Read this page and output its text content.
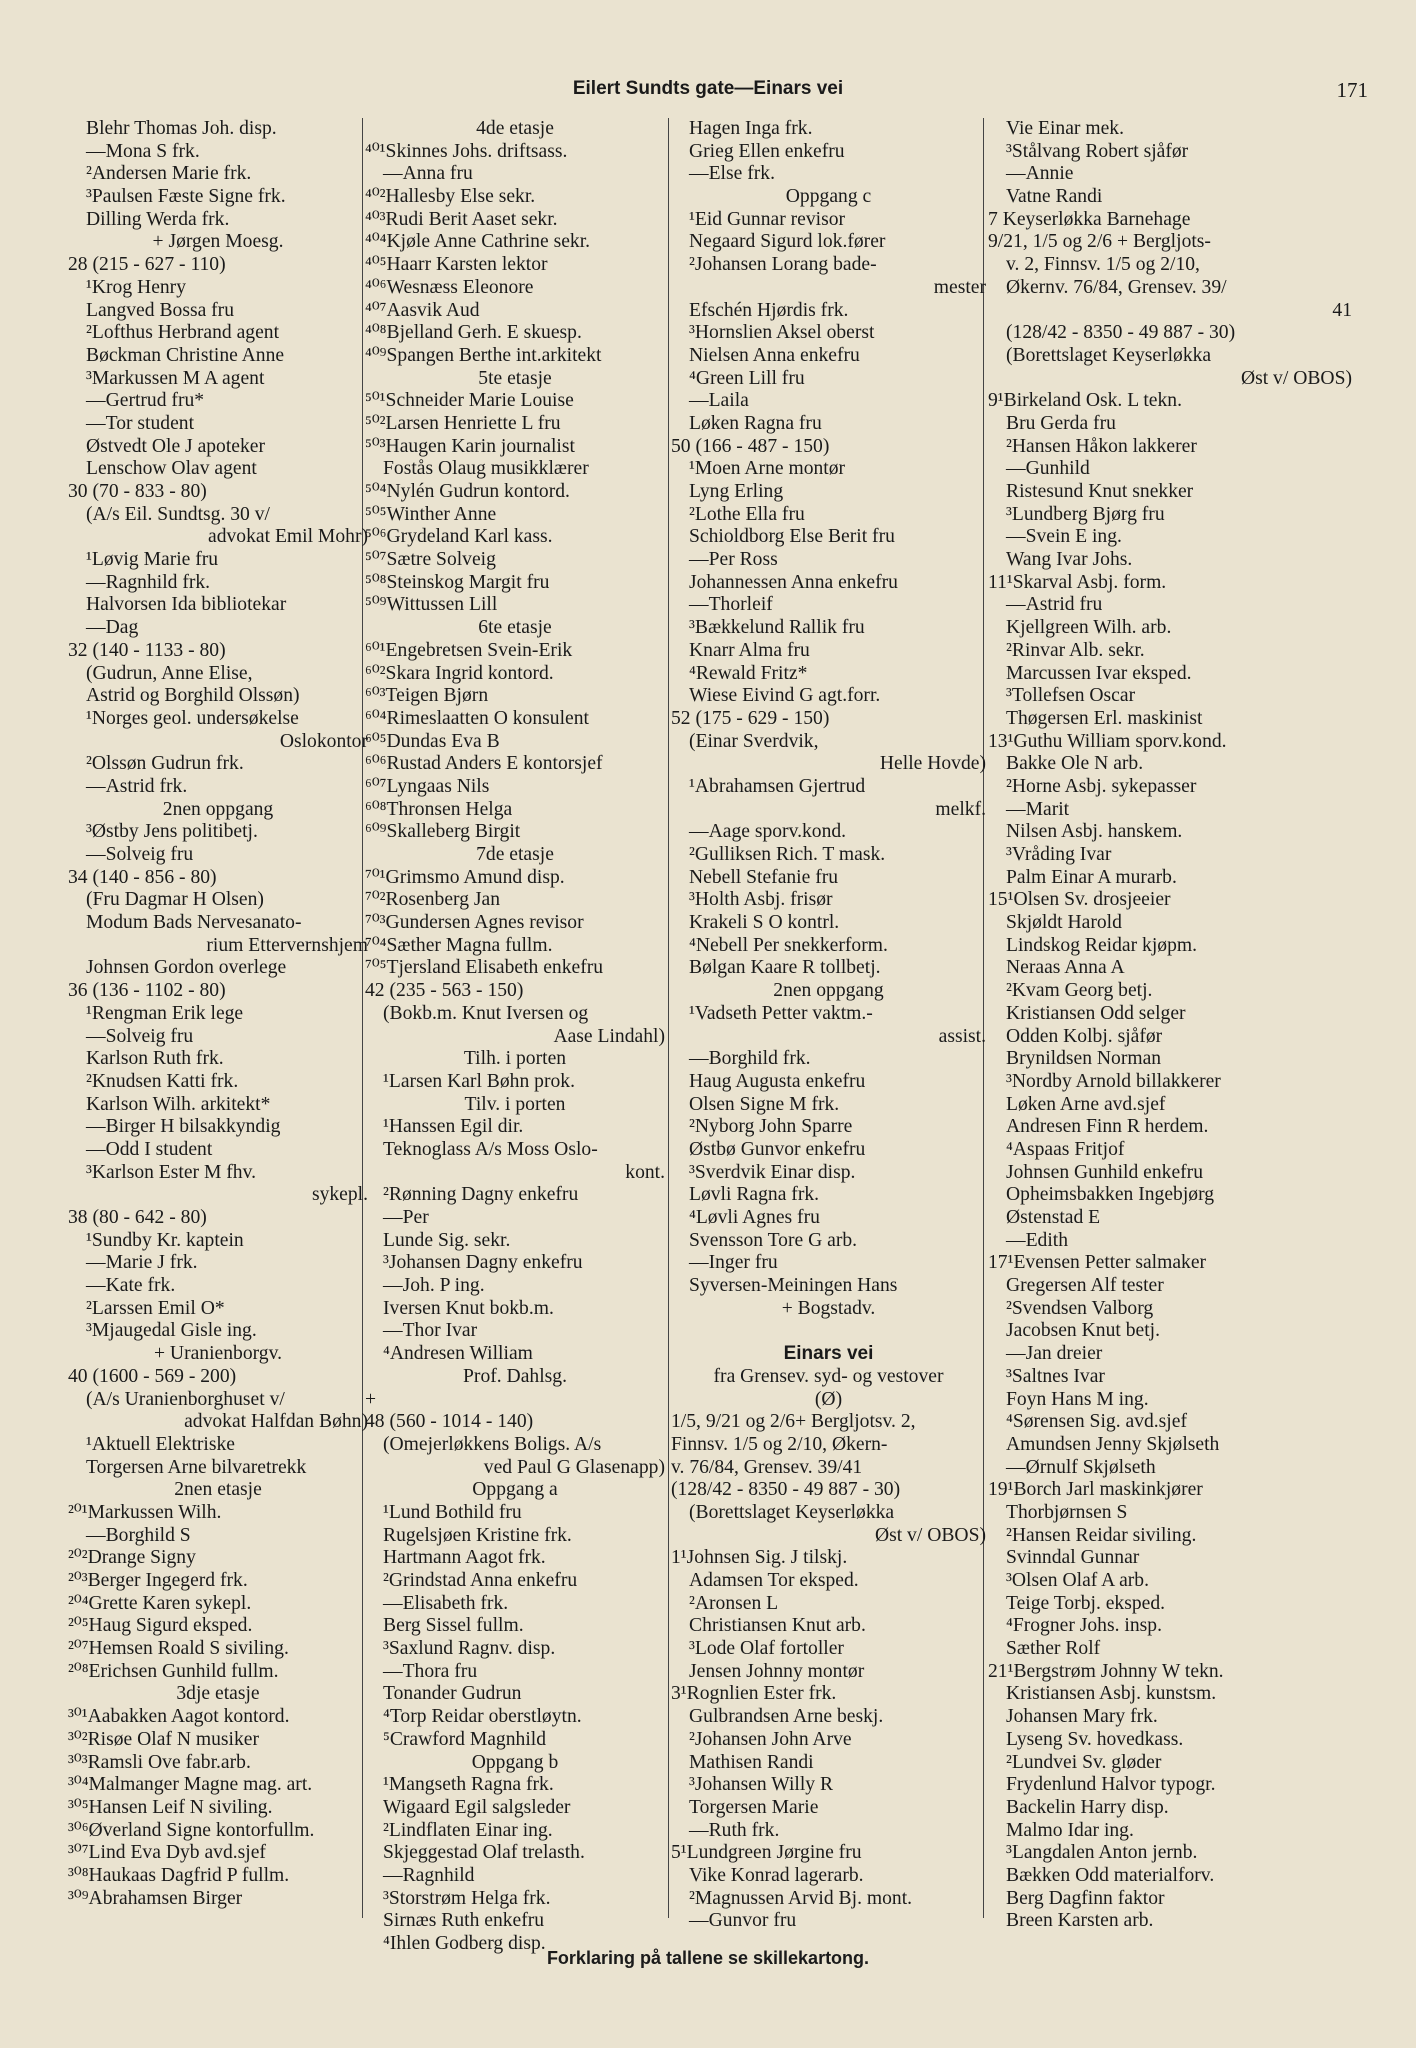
Eilert Sundts gate—Einars vei	171
Blehr Thomas Joh. disp.
—Mona S frk.
²Andersen Marie frk.
³Paulsen Fæste Signe frk.
Dilling Werda frk.
+ Jørgen Moesg.
28 (215 - 627 - 110)
¹Krog Henry
Langved Bossa fru
²Lofthus Herbrand agent
Bøckman Christine Anne
³Markussen M A agent
—Gertrud fru*
—Tor student
Østvedt Ole J apoteker
Lenschow Olav agent
30 (70 - 833 - 80)
(A/s Eil. Sundtsg. 30 v/
advokat Emil Mohr)
¹Løvig Marie fru
—Ragnhild frk.
Halvorsen Ida bibliotekar
—Dag
32 (140 - 1133 - 80)
(Gudrun, Anne Elise,
Astrid og Borghild Olssøn)
¹Norges geol. undersøkelse
Oslokontor
²Olssøn Gudrun frk.
—Astrid frk.
2nen oppgang
³Østby Jens politibetj.
—Solveig fru
34 (140 - 856 - 80)
(Fru Dagmar H Olsen)
Modum Bads Nervesanato-
rium Ettervernshjem
Johnsen Gordon overlege
36 (136 - 1102 - 80)
¹Rengman Erik lege
—Solveig fru
Karlson Ruth frk.
²Knudsen Katti frk.
Karlson Wilh. arkitekt*
—Birger H bilsakkyndig
—Odd I student
³Karlson Ester M fhv.
sykepl.
38 (80 - 642 - 80)
¹Sundby Kr. kaptein
—Marie J frk.
—Kate frk.
²Larssen Emil O*
³Mjaugedal Gisle ing.
+ Uranienborgv.
40 (1600 - 569 - 200)
(A/s Uranienborghuset v/
advokat Halfdan Bøhn)
¹Aktuell Elektriske
Torgersen Arne bilvaretrekk
2nen etasje
²⁰¹Markussen Wilh.
—Borghild S
²⁰²Drange Signy
²⁰³Berger Ingegerd frk.
²⁰⁴Grette Karen sykepl.
²⁰⁵Haug Sigurd eksped.
²⁰⁷Hemsen Roald S siviling.
²⁰⁸Erichsen Gunhild fullm.
3dje etasje
³⁰¹Aabakken Aagot kontord.
³⁰²Risøe Olaf N musiker
³⁰³Ramsli Ove fabr.arb.
³⁰⁴Malmanger Magne mag. art.
³⁰⁵Hansen Leif N siviling.
³⁰⁶Øverland Signe kontorfullm.
³⁰⁷Lind Eva Dyb avd.sjef
³⁰⁸Haukaas Dagfrid P fullm.
³⁰⁹Abrahamsen Birger
4de etasje
⁴⁰¹Skinnes Johs. driftsass.
—Anna fru
⁴⁰²Hallesby Else sekr.
⁴⁰³Rudi Berit Aaset sekr.
⁴⁰⁴Kjøle Anne Cathrine sekr.
⁴⁰⁵Haarr Karsten lektor
⁴⁰⁶Wesnæss Eleonore
⁴⁰⁷Aasvik Aud
⁴⁰⁸Bjelland Gerh. E skuesp.
⁴⁰⁹Spangen Berthe int.arkitekt
5te etasje
⁵⁰¹Schneider Marie Louise
⁵⁰²Larsen Henriette L fru
⁵⁰³Haugen Karin journalist
Fostås Olaug musikklærer
⁵⁰⁴Nylén Gudrun kontord.
⁵⁰⁵Winther Anne
⁵⁰⁶Grydeland Karl kass.
⁵⁰⁷Sætre Solveig
⁵⁰⁸Steinskog Margit fru
⁵⁰⁹Wittussen Lill
6te etasje
⁶⁰¹Engebretsen Svein-Erik
⁶⁰²Skara Ingrid kontord.
⁶⁰³Teigen Bjørn
⁶⁰⁴Rimeslaatten O konsulent
⁶⁰⁵Dundas Eva B
⁶⁰⁶Rustad Anders E kontorsjef
⁶⁰⁷Lyngaas Nils
⁶⁰⁸Thronsen Helga
⁶⁰⁹Skalleberg Birgit
7de etasje
⁷⁰¹Grimsmo Amund disp.
⁷⁰²Rosenberg Jan
⁷⁰³Gundersen Agnes revisor
⁷⁰⁴Sæther Magna fullm.
⁷⁰⁵Tjersland Elisabeth enkefru
42 (235 - 563 - 150)
(Bokb.m. Knut Iversen og
Aase Lindahl)
Tilh. i porten
¹Larsen Karl Bøhn prok.
Tilv. i porten
¹Hanssen Egil dir.
Teknoglass A/s Moss Oslo-
kont.
²Rønning Dagny enkefru
—Per
Lunde Sig. sekr.
³Johansen Dagny enkefru
—Joh. P ing.
Iversen Knut bokb.m.
—Thor Ivar
⁴Andresen William
Prof. Dahlsg.
+
48 (560 - 1014 - 140)
(Omejerløkkens Boligs. A/s
ved Paul G Glasenapp)
Oppgang a
¹Lund Bothild fru
Rugelsjøen Kristine frk.
Hartmann Aagot frk.
²Grindstad Anna enkefru
—Elisabeth frk.
Berg Sissel fullm.
³Saxlund Ragnv. disp.
—Thora fru
Tonander Gudrun
⁴Torp Reidar oberstløytn.
⁵Crawford Magnhild
Oppgang b
¹Mangseth Ragna frk.
Wigaard Egil salgsleder
²Lindflaten Einar ing.
Skjeggestad Olaf trelasth.
—Ragnhild
³Storstrøm Helga frk.
Sirnæs Ruth enkefru
⁴Ihlen Godberg disp.
Hagen Inga frk.
Grieg Ellen enkefru
—Else frk.
Oppgang c
¹Eid Gunnar revisor
Negaard Sigurd lok.fører
²Johansen Lorang bade-
mester
Efschén Hjørdis frk.
³Hornslien Aksel oberst
Nielsen Anna enkefru
⁴Green Lill fru
—Laila
Løken Ragna fru
50 (166 - 487 - 150)
¹Moen Arne montør
Lyng Erling
²Lothe Ella fru
Schioldborg Else Berit fru
—Per Ross
Johannessen Anna enkefru
—Thorleif
³Bækkelund Rallik fru
Knarr Alma fru
⁴Rewald Fritz*
Wiese Eivind G agt.forr.
52 (175 - 629 - 150)
(Einar Sverdvik,
Helle Hovde)
¹Abrahamsen Gjertrud
melkf.
—Aage sporv.kond.
²Gulliksen Rich. T mask.
Nebell Stefanie fru
³Holth Asbj. frisør
Krakeli S O kontrl.
⁴Nebell Per snekkerform.
Bølgan Kaare R tollbetj.
2nen oppgang
¹Vadseth Petter vaktm.-
assist.
—Borghild frk.
Haug Augusta enkefru
Olsen Signe M frk.
²Nyborg John Sparre
Østbø Gunvor enkefru
³Sverdvik Einar disp.
Løvli Ragna frk.
⁴Løvli Agnes fru
Svensson Tore G arb.
—Inger fru
Syversen-Meiningen Hans
+ Bogstadv.
Einars vei
fra Grensev. syd- og vestover
(Ø)
1/5, 9/21 og 2/6+ Bergljotsv. 2,
Finnsv. 1/5 og 2/10, Økern-
v. 76/84, Grensev. 39/41
(128/42 - 8350 - 49 887 - 30)
(Borettslaget Keyserløkka
Øst v/ OBOS)
1¹Johnsen Sig. J tilskj.
Adamsen Tor eksped.
²Aronsen L
Christiansen Knut arb.
³Lode Olaf fortoller
Jensen Johnny montør
3¹Rognlien Ester frk.
Gulbrandsen Arne beskj.
²Johansen John Arve
Mathisen Randi
³Johansen Willy R
Torgersen Marie
—Ruth frk.
5¹Lundgreen Jørgine fru
Vike Konrad lagerarb.
²Magnussen Arvid Bj. mont.
—Gunvor fru
Vie Einar mek.
³Stålvang Robert sjåfør
—Annie
Vatne Randi
7 Keyserløkka Barnehage
9/21, 1/5 og 2/6 + Bergljots-
v. 2, Finnsv. 1/5 og 2/10,
Økernv. 76/84, Grensev. 39/
41
(128/42 - 8350 - 49 887 - 30)
(Borettslaget Keyserløkka
Øst v/ OBOS)
9¹Birkeland Osk. L tekn.
Bru Gerda fru
²Hansen Håkon lakkerer
—Gunhild
Ristesund Knut snekker
³Lundberg Bjørg fru
—Svein E ing.
Wang Ivar Johs.
11¹Skarval Asbj. form.
—Astrid fru
Kjellgreen Wilh. arb.
²Rinvar Alb. sekr.
Marcussen Ivar eksped.
³Tollefsen Oscar
Thøgersen Erl. maskinist
13¹Guthu William sporv.kond.
Bakke Ole N arb.
²Horne Asbj. sykepasser
—Marit
Nilsen Asbj. hanskem.
³Vråding Ivar
Palm Einar A murarb.
15¹Olsen Sv. drosjeeier
Skjøldt Harold
Lindskog Reidar kjøpm.
Neraas Anna A
²Kvam Georg betj.
Kristiansen Odd selger
Odden Kolbj. sjåfør
Brynildsen Norman
³Nordby Arnold billakkerer
Løken Arne avd.sjef
Andresen Finn R herdem.
⁴Aspaas Fritjof
Johnsen Gunhild enkefru
Opheimsbakken Ingebjørg
Østenstad E
—Edith
17¹Evensen Petter salmaker
Gregersen Alf tester
²Svendsen Valborg
Jacobsen Knut betj.
—Jan dreier
³Saltnes Ivar
Foyn Hans M ing.
⁴Sørensen Sig. avd.sjef
Amundsen Jenny Skjølseth
—Ørnulf Skjølseth
19¹Borch Jarl maskinkjører
Thorbjørnsen S
²Hansen Reidar siviling.
Svinndal Gunnar
³Olsen Olaf A arb.
Teige Torbj. eksped.
⁴Frogner Johs. insp.
Sæther Rolf
21¹Bergstrøm Johnny W tekn.
Kristiansen Asbj. kunstsm.
Johansen Mary frk.
Lyseng Sv. hovedkass.
²Lundvei Sv. gløder
Frydenlund Halvor typogr.
Backelin Harry disp.
Malmo Idar ing.
³Langdalen Anton jernb.
Bækken Odd materialforv.
Berg Dagfinn faktor
Breen Karsten arb.
Forklaring på tallene se skillekartong.
